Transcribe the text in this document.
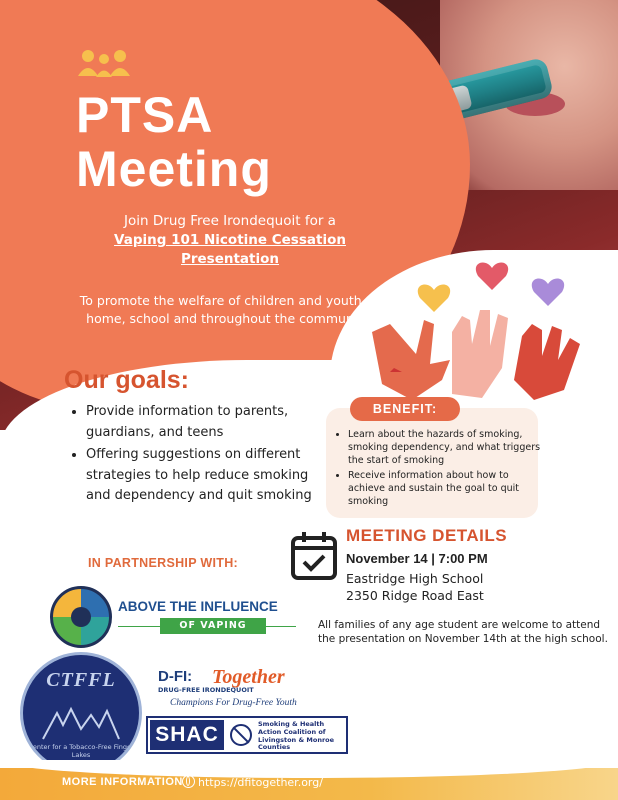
PTSA
Meeting
Join Drug Free Irondequoit for a
Vaping 101 Nicotine Cessation Presentation
To promote the welfare of children and youth at home, school and throughout the community.
Our goals:
• Provide information to parents, guardians, and teens
• Offering suggestions on different strategies to help reduce smoking and dependency and quit smoking
BENEFIT:
• Learn about the hazards of smoking, smoking dependency, and what triggers the start of smoking
• Receive information about how to achieve and sustain the goal to quit smoking
MEETING DETAILS
November 14 | 7:00 PM
Eastridge High School
2350 Ridge Road East
All families of any age student are welcome to attend the presentation on November 14th at the high school.
IN PARTNERSHIP WITH:
ABOVE THE INFLUENCE
OF VAPING
CTFFL
Center for a Tobacco-Free Finger Lakes
D-FI: Together
DRUG-FREE IRONDEQUOIT
Champions For Drug-Free Youth
SHAC	Smoking & Health Action Coalition of Livingston & Monroe Counties
MORE INFORMATION https://dfitogether.org/
